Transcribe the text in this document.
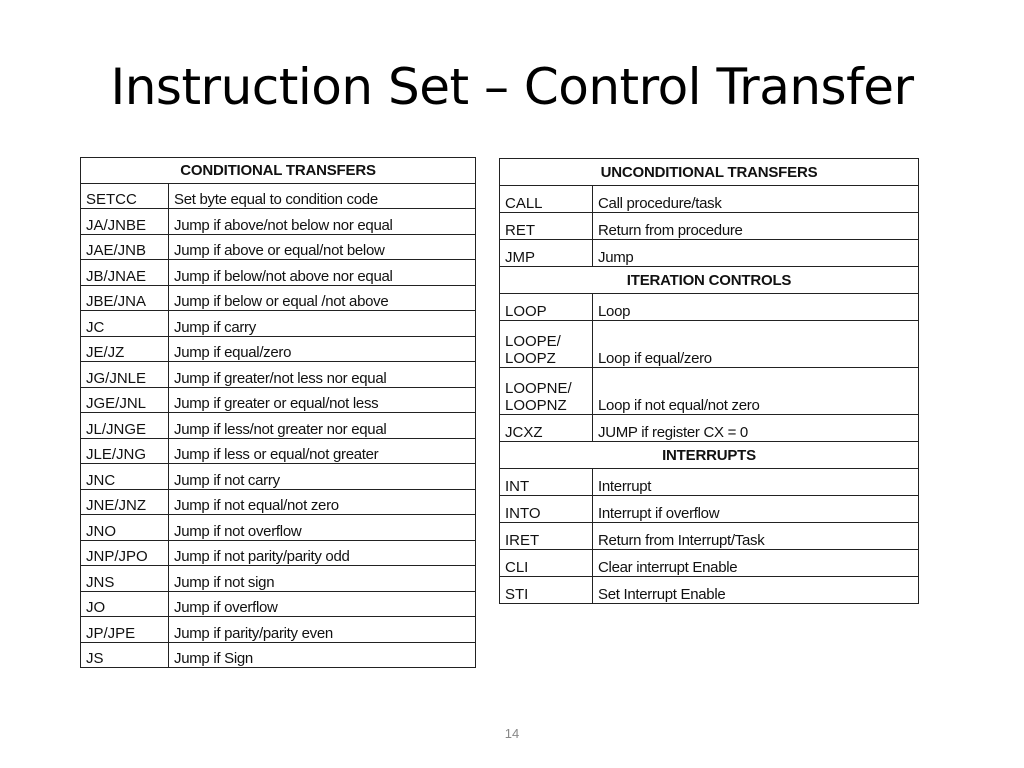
Instruction Set – Control Transfer
CONDITIONAL TRANSFERS	
SETCC	Set byte equal to condition code
JA/JNBE	Jump if above/not below nor equal
JAE/JNB	Jump if above or equal/not below
JB/JNAE	Jump if below/not above nor equal
JBE/JNA	Jump if below or equal /not above
JC	Jump if carry
JE/JZ	Jump if equal/zero
JG/JNLE	Jump if greater/not less nor equal
JGE/JNL	Jump if greater or equal/not less
JL/JNGE	Jump if less/not greater nor equal
JLE/JNG	Jump if less or equal/not greater
JNC	Jump if not carry
JNE/JNZ	Jump if not equal/not zero
JNO	Jump if not overflow
JNP/JPO	Jump if not parity/parity odd
JNS	Jump if not sign
JO	Jump if overflow
JP/JPE	Jump if parity/parity even
JS	Jump if Sign
UNCONDITIONAL TRANSFERS	
CALL	Call procedure/task
RET	Return from procedure
JMP	Jump
ITERATION CONTROLS	
LOOP	Loop
LOOPE/
LOOPZ	Loop if equal/zero
LOOPNE/
LOOPNZ	Loop if not equal/not zero
JCXZ	JUMP if register CX = 0
INTERRUPTS	
INT	Interrupt
INTO	Interrupt if overflow
IRET	Return from Interrupt/Task
CLI	Clear interrupt Enable
STI	Set Interrupt Enable
14
